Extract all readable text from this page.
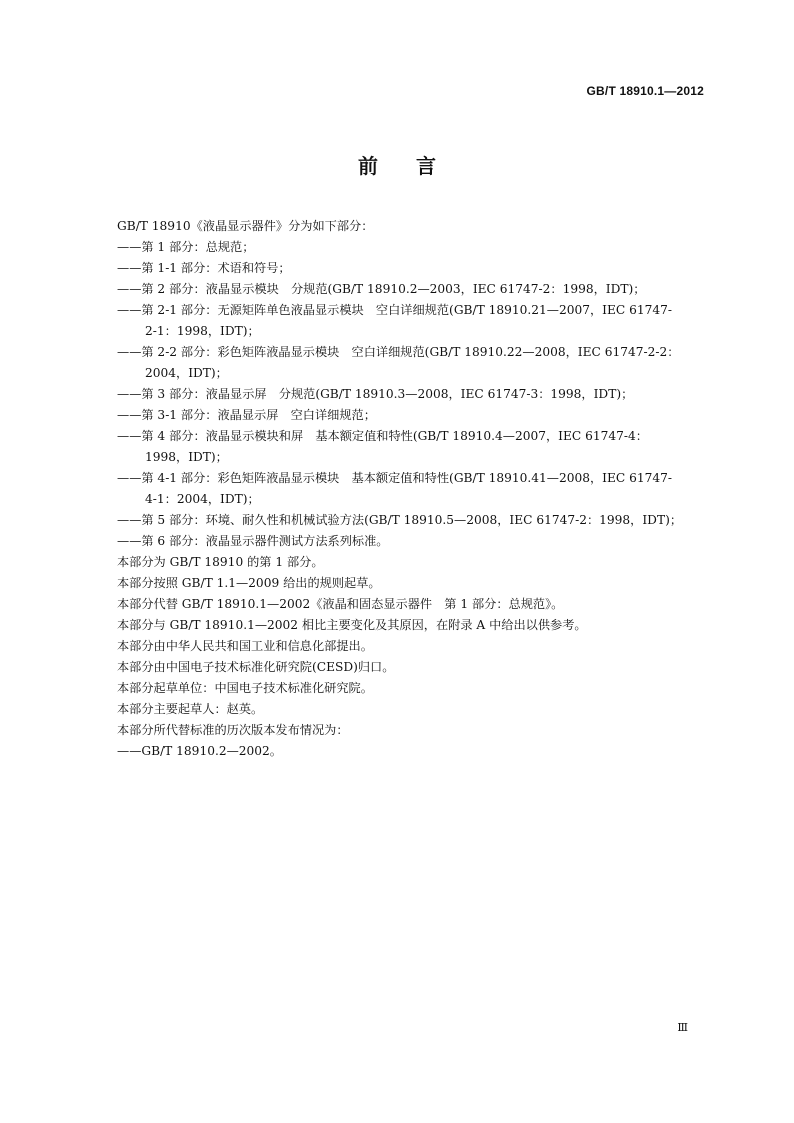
GB/T 18910.1—2012
前言
GB/T 18910《液晶显示器件》分为如下部分：
——第 1 部分：总规范；
——第 1-1 部分：术语和符号；
——第 2 部分：液晶显示模块　分规范(GB/T 18910.2—2003，IEC 61747-2：1998，IDT)；
——第 2-1 部分：无源矩阵单色液晶显示模块　空白详细规范(GB/T 18910.21—2007，IEC 61747-
2-1：1998，IDT)；
——第 2-2 部分：彩色矩阵液晶显示模块　空白详细规范(GB/T 18910.22—2008，IEC 61747-2-2：
2004，IDT)；
——第 3 部分：液晶显示屏　分规范(GB/T 18910.3—2008，IEC 61747-3：1998，IDT)；
——第 3-1 部分：液晶显示屏　空白详细规范；
——第 4 部分：液晶显示模块和屏　基本额定值和特性(GB/T 18910.4—2007，IEC 61747-4：
1998，IDT)；
——第 4-1 部分：彩色矩阵液晶显示模块　基本额定值和特性(GB/T 18910.41—2008，IEC 61747-
4-1：2004，IDT)；
——第 5 部分：环境、耐久性和机械试验方法(GB/T 18910.5—2008，IEC 61747-2：1998，IDT)；
——第 6 部分：液晶显示器件测试方法系列标准。
本部分为 GB/T 18910 的第 1 部分。
本部分按照 GB/T 1.1—2009 给出的规则起草。
本部分代替 GB/T 18910.1—2002《液晶和固态显示器件　第 1 部分：总规范》。
本部分与 GB/T 18910.1—2002 相比主要变化及其原因，在附录 A 中给出以供参考。
本部分由中华人民共和国工业和信息化部提出。
本部分由中国电子技术标准化研究院(CESD)归口。
本部分起草单位：中国电子技术标准化研究院。
本部分主要起草人：赵英。
本部分所代替标准的历次版本发布情况为：
——GB/T 18910.2—2002。
Ⅲ
